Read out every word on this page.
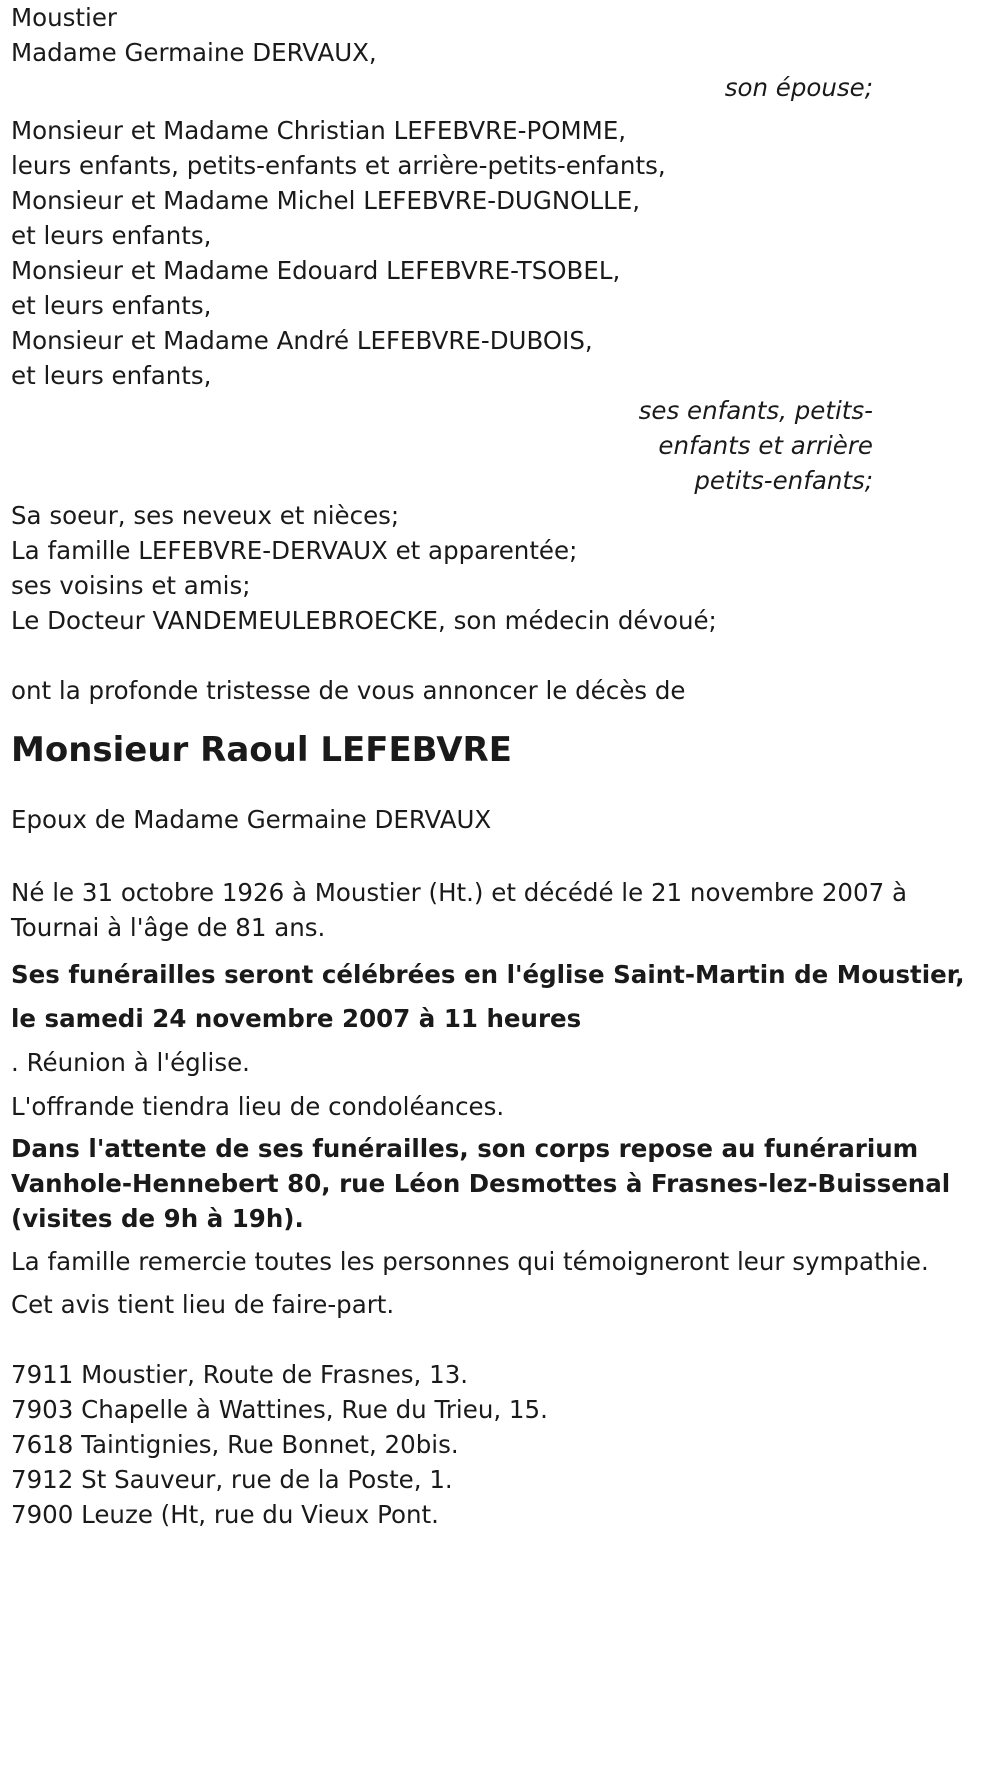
Moustier
Madame Germaine DERVAUX,
son épouse;
Monsieur et Madame Christian LEFEBVRE-POMME,
leurs enfants, petits-enfants et arrière-petits-enfants,
Monsieur et Madame Michel LEFEBVRE-DUGNOLLE,
et leurs enfants,
Monsieur et Madame Edouard LEFEBVRE-TSOBEL,
et leurs enfants,
Monsieur et Madame André LEFEBVRE-DUBOIS,
et leurs enfants,
ses enfants, petits-
enfants et arrière
petits-enfants;
Sa soeur, ses neveux et nièces;
La famille LEFEBVRE-DERVAUX et apparentée;
ses voisins et amis;
Le Docteur VANDEMEULEBROECKE, son médecin dévoué;
ont la profonde tristesse de vous annoncer le décès de
Monsieur Raoul LEFEBVRE
Epoux de Madame Germaine DERVAUX
Né le 31 octobre 1926 à Moustier (Ht.) et décédé le 21 novembre 2007 à Tournai à l'âge de 81 ans.
Ses funérailles seront célébrées en l'église Saint-Martin de Moustier,
le samedi 24 novembre 2007 à 11 heures
. Réunion à l'église.
L'offrande tiendra lieu de condoléances.
Dans l'attente de ses funérailles, son corps repose au funérarium Vanhole-Hennebert 80, rue Léon Desmottes à Frasnes-lez-Buissenal (visites de 9h à 19h).
La famille remercie toutes les personnes qui témoigneront leur sympathie.
Cet avis tient lieu de faire-part.
7911 Moustier, Route de Frasnes, 13.
7903 Chapelle à Wattines, Rue du Trieu, 15.
7618 Taintignies, Rue Bonnet, 20bis.
7912 St Sauveur, rue de la Poste, 1.
7900 Leuze (Ht, rue du Vieux Pont.
